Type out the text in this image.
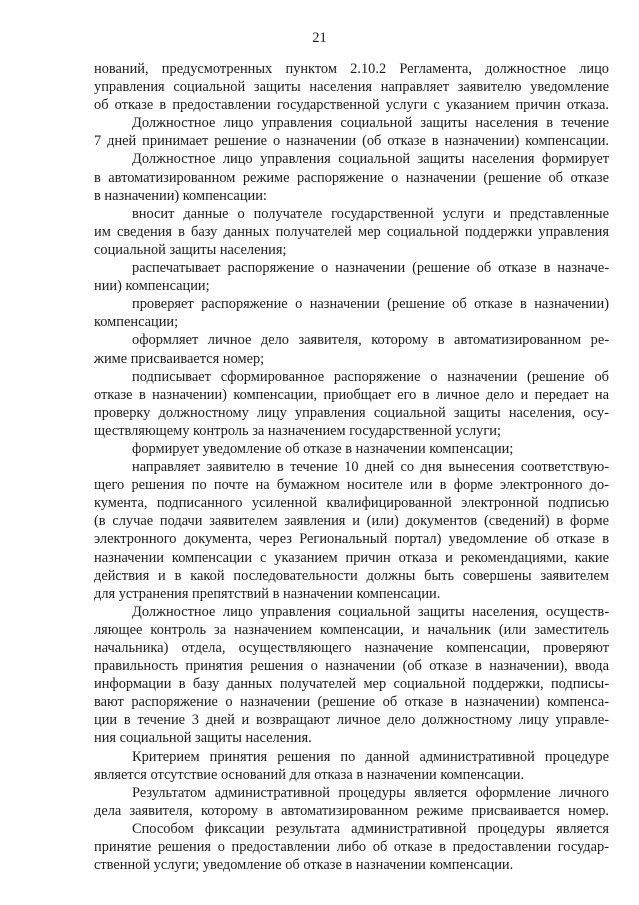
21
нований, предусмотренных пунктом 2.10.2 Регламента, должностное лицо
управления социальной защиты населения направляет заявителю уведомление
об отказе в предоставлении государственной услуги с указанием причин отказа.
Должностное лицо управления социальной защиты населения в течение
7 дней принимает решение о назначении (об отказе в назначении) компенсации.
Должностное лицо управления социальной защиты населения формирует
в автоматизированном режиме распоряжение о назначении (решение об отказе
в назначении) компенсации:
вносит данные о получателе государственной услуги и представленные
им сведения в базу данных получателей мер социальной поддержки управления
социальной защиты населения;
распечатывает распоряжение о назначении (решение об отказе в назначе-
нии) компенсации;
проверяет распоряжение о назначении (решение об отказе в назначении)
компенсации;
оформляет личное дело заявителя, которому в автоматизированном ре-
жиме присваивается номер;
подписывает сформированное распоряжение о назначении (решение об
отказе в назначении) компенсации, приобщает его в личное дело и передает на
проверку должностному лицу управления социальной защиты населения, осу-
ществляющему контроль за назначением государственной услуги;
формирует уведомление об отказе в назначении компенсации;
направляет заявителю в течение 10 дней со дня вынесения соответствую-
щего решения по почте на бумажном носителе или в форме электронного до-
кумента, подписанного усиленной квалифицированной электронной подписью
(в случае подачи заявителем заявления и (или) документов (сведений) в форме
электронного документа, через Региональный портал) уведомление об отказе в
назначении компенсации с указанием причин отказа и рекомендациями, какие
действия и в какой последовательности должны быть совершены заявителем
для устранения препятствий в назначении компенсации.
Должностное лицо управления социальной защиты населения, осуществ-
ляющее контроль за назначением компенсации, и начальник (или заместитель
начальника) отдела, осуществляющего назначение компенсации, проверяют
правильность принятия решения о назначении (об отказе в назначении), ввода
информации в базу данных получателей мер социальной поддержки, подписы-
вают распоряжение о назначении (решение об отказе в назначении) компенса-
ции в течение 3 дней и возвращают личное дело должностному лицу управле-
ния социальной защиты населения.
Критерием принятия решения по данной административной процедуре
является отсутствие оснований для отказа в назначении компенсации.
Результатом административной процедуры является оформление личного
дела заявителя, которому в автоматизированном режиме присваивается номер.
Способом фиксации результата административной процедуры является
принятие решения о предоставлении либо об отказе в предоставлении государ-
ственной услуги; уведомление об отказе в назначении компенсации.
